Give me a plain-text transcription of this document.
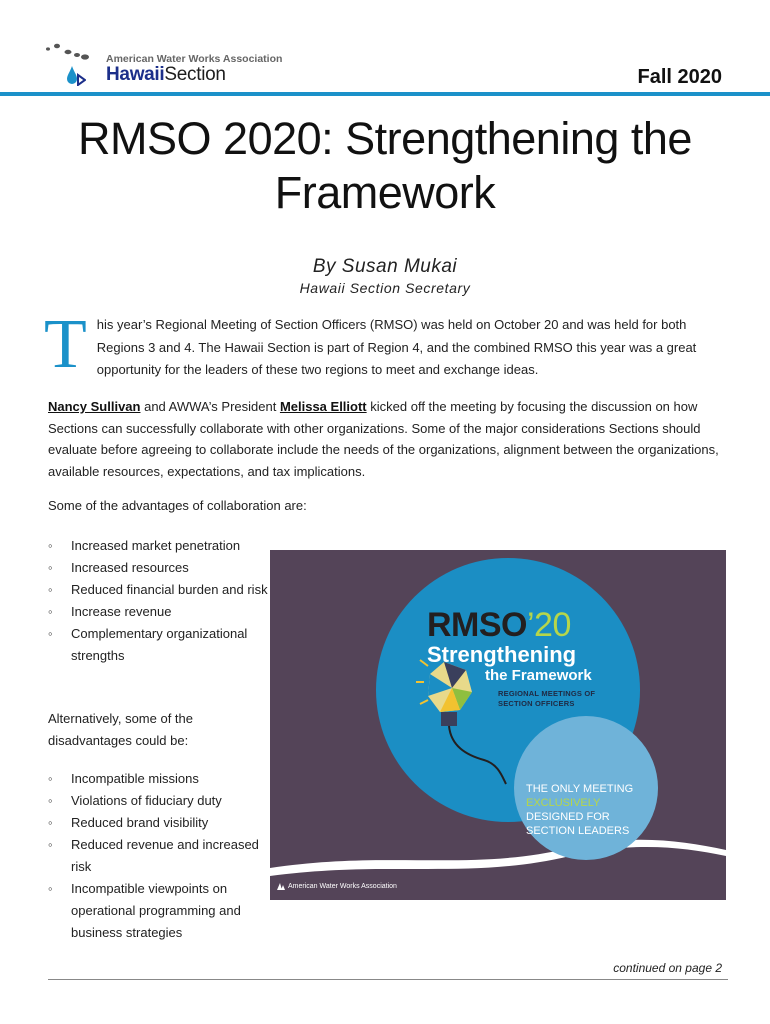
American Water Works Association
HawaiiSection	Fall 2020
RMSO 2020: Strengthening the Framework
By Susan Mukai
Hawaii Section Secretary

This year’s Regional Meeting of Section Officers (RMSO) was held on October 20 and was held for both Regions 3 and 4. The Hawaii Section is part of Region 4, and the combined RMSO this year was a great opportunity for the leaders of these two regions to meet and exchange ideas.

Nancy Sullivan and AWWA’s President Melissa Elliott kicked off the meeting by focusing the discussion on how Sections can successfully collaborate with other organizations. Some of the major considerations Sections should evaluate before agreeing to collaborate include the needs of the organizations, alignment between the organizations, available resources, expectations, and tax implications.

Some of the advantages of collaboration are:

◦ Increased market penetration
◦ Increased resources
◦ Reduced financial burden and risk
◦ Increase revenue
◦ Complementary organizational strengths

Alternatively, some of the disadvantages could be:

◦ Incompatible missions
◦ Violations of fiduciary duty
◦ Reduced brand visibility
◦ Reduced revenue and increased risk
◦ Incompatible viewpoints on operational programming and business strategies
RMSO’20
Strengthening
the Framework
REGIONAL MEETINGS OF SECTION OFFICERS
THE ONLY MEETING
EXCLUSIVELY
DESIGNED FOR
SECTION LEADERS
American Water Works Association
continued on page 2
